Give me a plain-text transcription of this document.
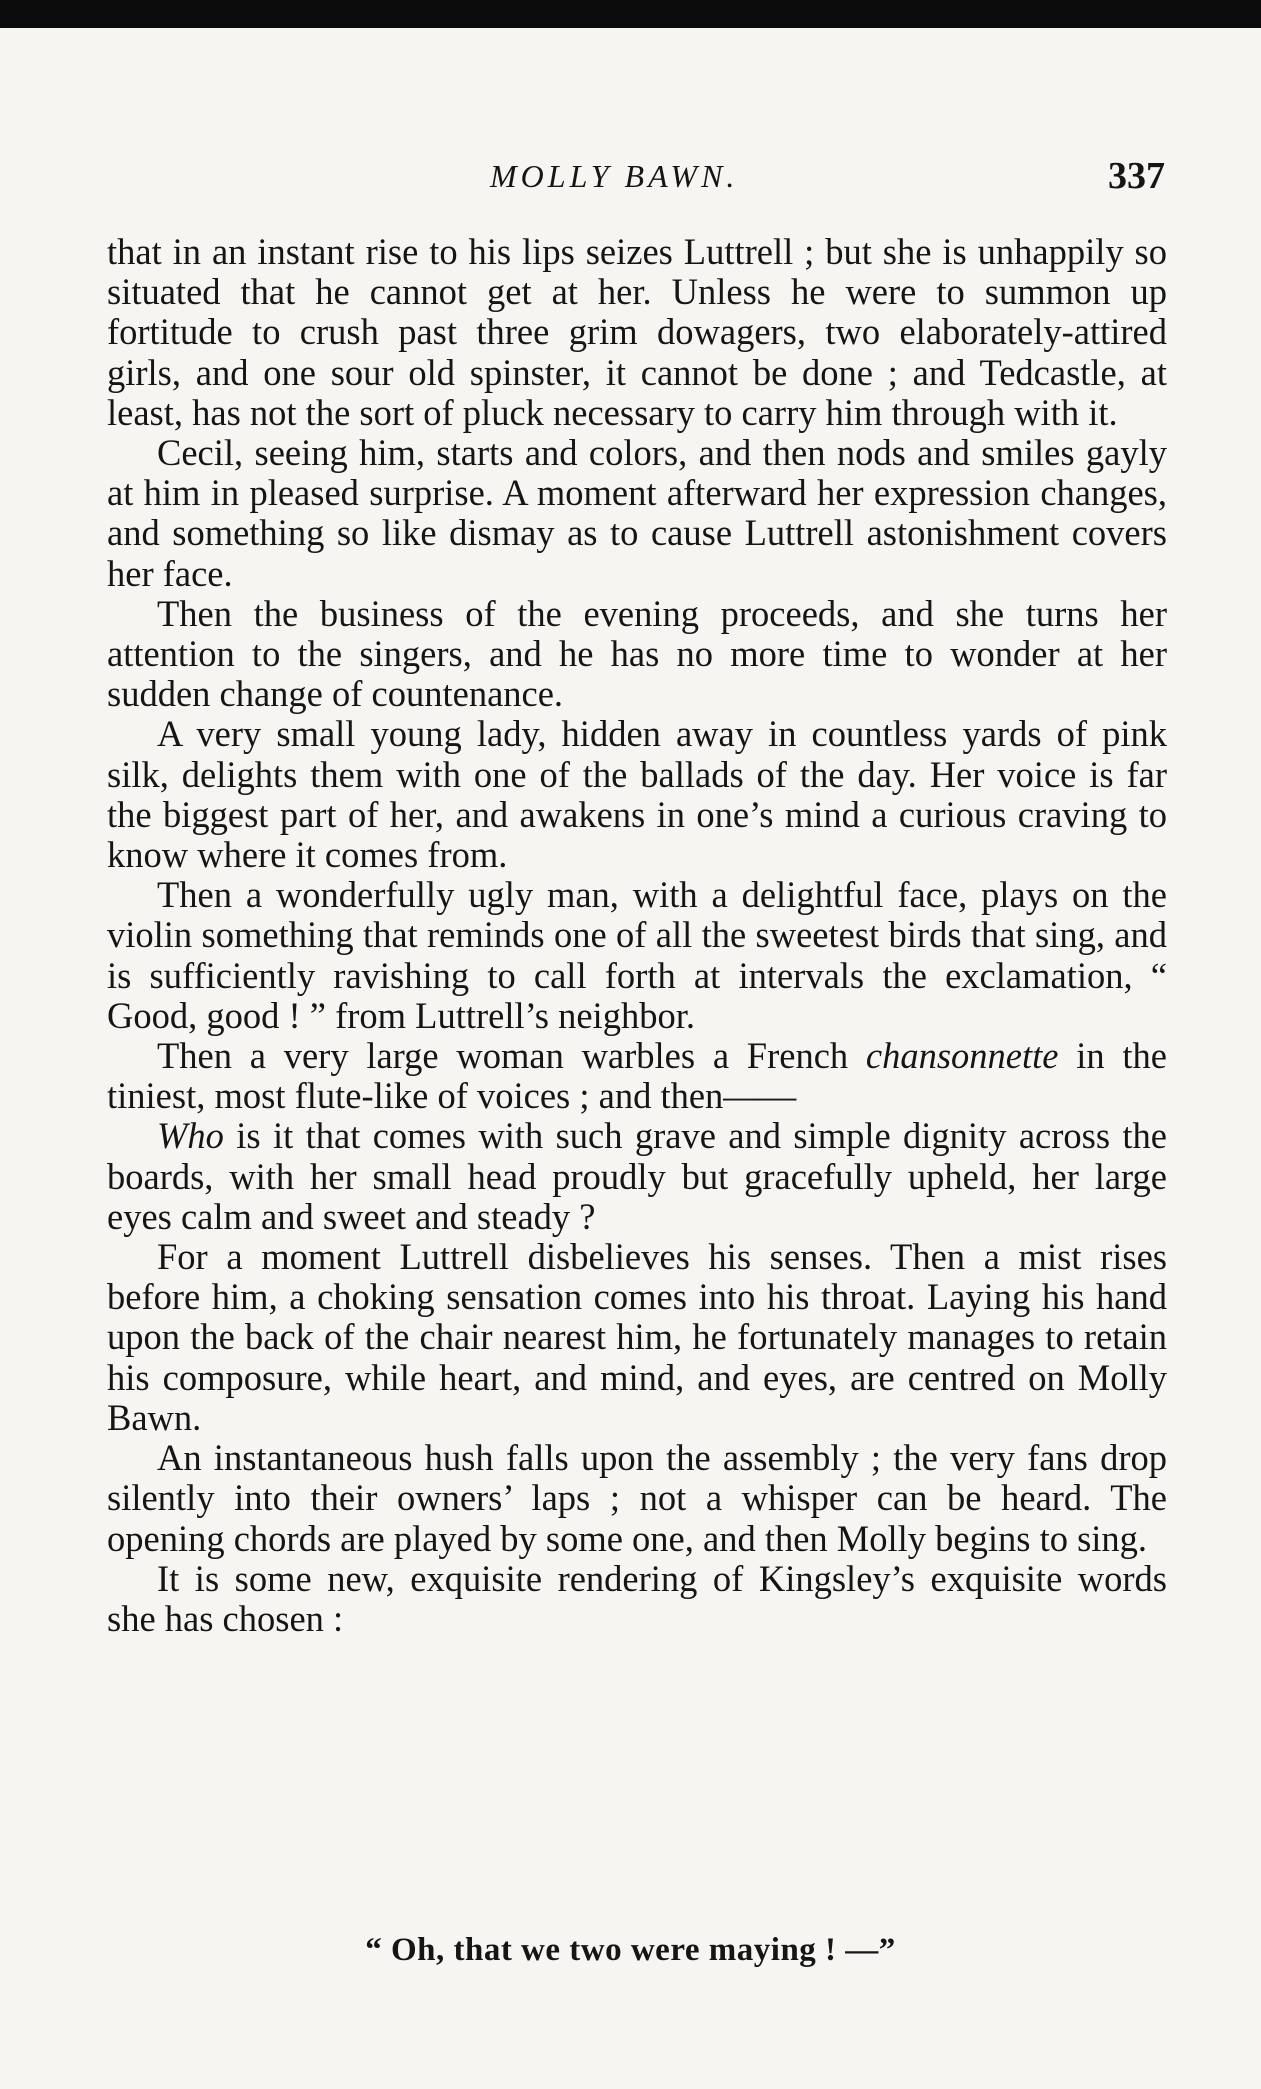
MOLLY BAWN.	337

that in an instant rise to his lips seizes Luttrell ; but she is unhappily so situated that he cannot get at her. Unless he were to summon up fortitude to crush past three grim dowagers, two elaborately-attired girls, and one sour old spinster, it cannot be done ; and Tedcastle, at least, has not the sort of pluck necessary to carry him through with it.

Cecil, seeing him, starts and colors, and then nods and smiles gayly at him in pleased surprise. A moment afterward her expression changes, and something so like dismay as to cause Luttrell astonishment covers her face.

Then the business of the evening proceeds, and she turns her attention to the singers, and he has no more time to wonder at her sudden change of countenance.

A very small young lady, hidden away in countless yards of pink silk, delights them with one of the ballads of the day. Her voice is far the biggest part of her, and awakens in one’s mind a curious craving to know where it comes from.

Then a wonderfully ugly man, with a delightful face, plays on the violin something that reminds one of all the sweetest birds that sing, and is sufficiently ravishing to call forth at intervals the exclamation, “ Good, good ! ” from Luttrell’s neighbor.

Then a very large woman warbles a French chansonnette in the tiniest, most flute-like of voices ; and then——

Who is it that comes with such grave and simple dignity across the boards, with her small head proudly but gracefully upheld, her large eyes calm and sweet and steady ?

For a moment Luttrell disbelieves his senses. Then a mist rises before him, a choking sensation comes into his throat. Laying his hand upon the back of the chair nearest him, he fortunately manages to retain his composure, while heart, and mind, and eyes, are centred on Molly Bawn.

An instantaneous hush falls upon the assembly ; the very fans drop silently into their owners’ laps ; not a whisper can be heard. The opening chords are played by some one, and then Molly begins to sing.

It is some new, exquisite rendering of Kingsley’s exquisite words she has chosen :

“ Oh, that we two were maying ! —”
